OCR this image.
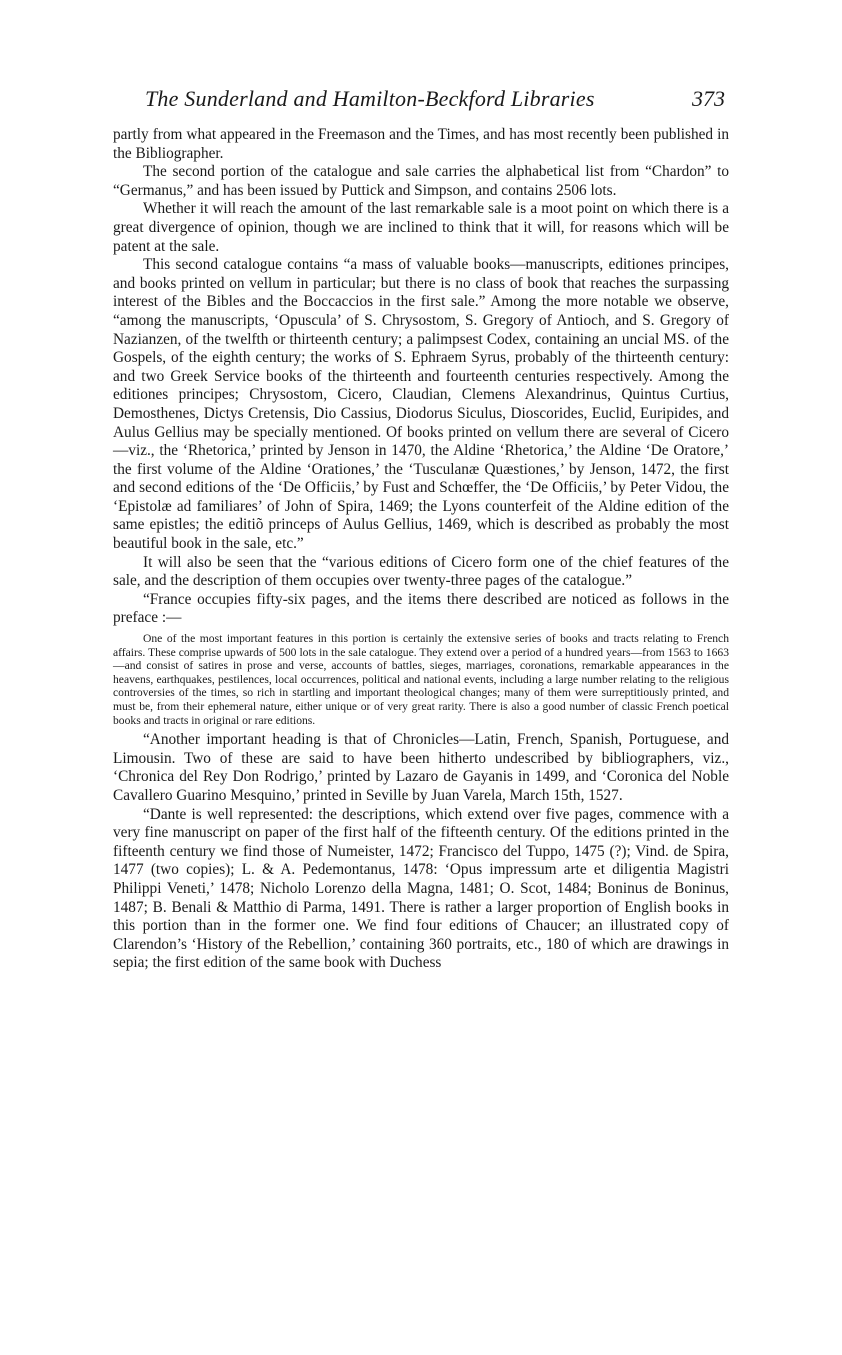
The Sunderland and Hamilton-Beckford Libraries	373

partly from what appeared in the Freemason and the Times, and has most recently been published in the Bibliographer.

The second portion of the catalogue and sale carries the alphabetical list from “Chardon” to “Germanus,” and has been issued by Puttick and Simpson, and contains 2506 lots.

Whether it will reach the amount of the last remarkable sale is a moot point on which there is a great divergence of opinion, though we are inclined to think that it will, for reasons which will be patent at the sale.

This second catalogue contains “a mass of valuable books—manuscripts, editiones principes, and books printed on vellum in particular; but there is no class of book that reaches the surpassing interest of the Bibles and the Boccaccios in the first sale.” Among the more notable we observe, “among the manuscripts, ‘Opuscula’ of S. Chrysostom, S. Gregory of Antioch, and S. Gregory of Nazianzen, of the twelfth or thirteenth century; a palimpsest Codex, containing an uncial MS. of the Gospels, of the eighth century; the works of S. Ephraem Syrus, probably of the thirteenth century: and two Greek Service books of the thirteenth and fourteenth centuries respectively. Among the editiones principes; Chrysostom, Cicero, Claudian, Clemens Alexandrinus, Quintus Curtius, Demosthenes, Dictys Cretensis, Dio Cassius, Diodorus Siculus, Dioscorides, Euclid, Euripides, and Aulus Gellius may be specially mentioned. Of books printed on vellum there are several of Cicero—viz., the ‘Rhetorica,’ printed by Jenson in 1470, the Aldine ‘Rhetorica,’ the Aldine ‘De Oratore,’ the first volume of the Aldine ‘Orationes,’ the ‘Tusculanæ Quæstiones,’ by Jenson, 1472, the first and second editions of the ‘De Officiis,’ by Fust and Schœffer, the ‘De Officiis,’ by Peter Vidou, the ‘Epistolæ ad familiares’ of John of Spira, 1469; the Lyons counterfeit of the Aldine edition of the same epistles; the editiõ princeps of Aulus Gellius, 1469, which is described as probably the most beautiful book in the sale, etc.”

It will also be seen that the “various editions of Cicero form one of the chief features of the sale, and the description of them occupies over twenty-three pages of the catalogue.”

“France occupies fifty-six pages, and the items there described are noticed as follows in the preface :—

One of the most important features in this portion is certainly the extensive series of books and tracts relating to French affairs. These comprise upwards of 500 lots in the sale catalogue. They extend over a period of a hundred years—from 1563 to 1663—and consist of satires in prose and verse, accounts of battles, sieges, marriages, coronations, remarkable appearances in the heavens, earthquakes, pestilences, local occurrences, political and national events, including a large number relating to the religious controversies of the times, so rich in startling and important theological changes; many of them were surreptitiously printed, and must be, from their ephemeral nature, either unique or of very great rarity. There is also a good number of classic French poetical books and tracts in original or rare editions.

“Another important heading is that of Chronicles—Latin, French, Spanish, Portuguese, and Limousin. Two of these are said to have been hitherto undescribed by bibliographers, viz., ‘Chronica del Rey Don Rodrigo,’ printed by Lazaro de Gayanis in 1499, and ‘Coronica del Noble Cavallero Guarino Mesquino,’ printed in Seville by Juan Varela, March 15th, 1527.

“Dante is well represented: the descriptions, which extend over five pages, commence with a very fine manuscript on paper of the first half of the fifteenth century. Of the editions printed in the fifteenth century we find those of Numeister, 1472; Francisco del Tuppo, 1475 (?); Vind. de Spira, 1477 (two copies); L. & A. Pedemontanus, 1478: ‘Opus impressum arte et diligentia Magistri Philippi Veneti,’ 1478; Nicholo Lorenzo della Magna, 1481; O. Scot, 1484; Boninus de Boninus, 1487; B. Benali & Matthio di Parma, 1491. There is rather a larger proportion of English books in this portion than in the former one. We find four editions of Chaucer; an illustrated copy of Clarendon’s ‘History of the Rebellion,’ containing 360 portraits, etc., 180 of which are drawings in sepia; the first edition of the same book with Duchess
